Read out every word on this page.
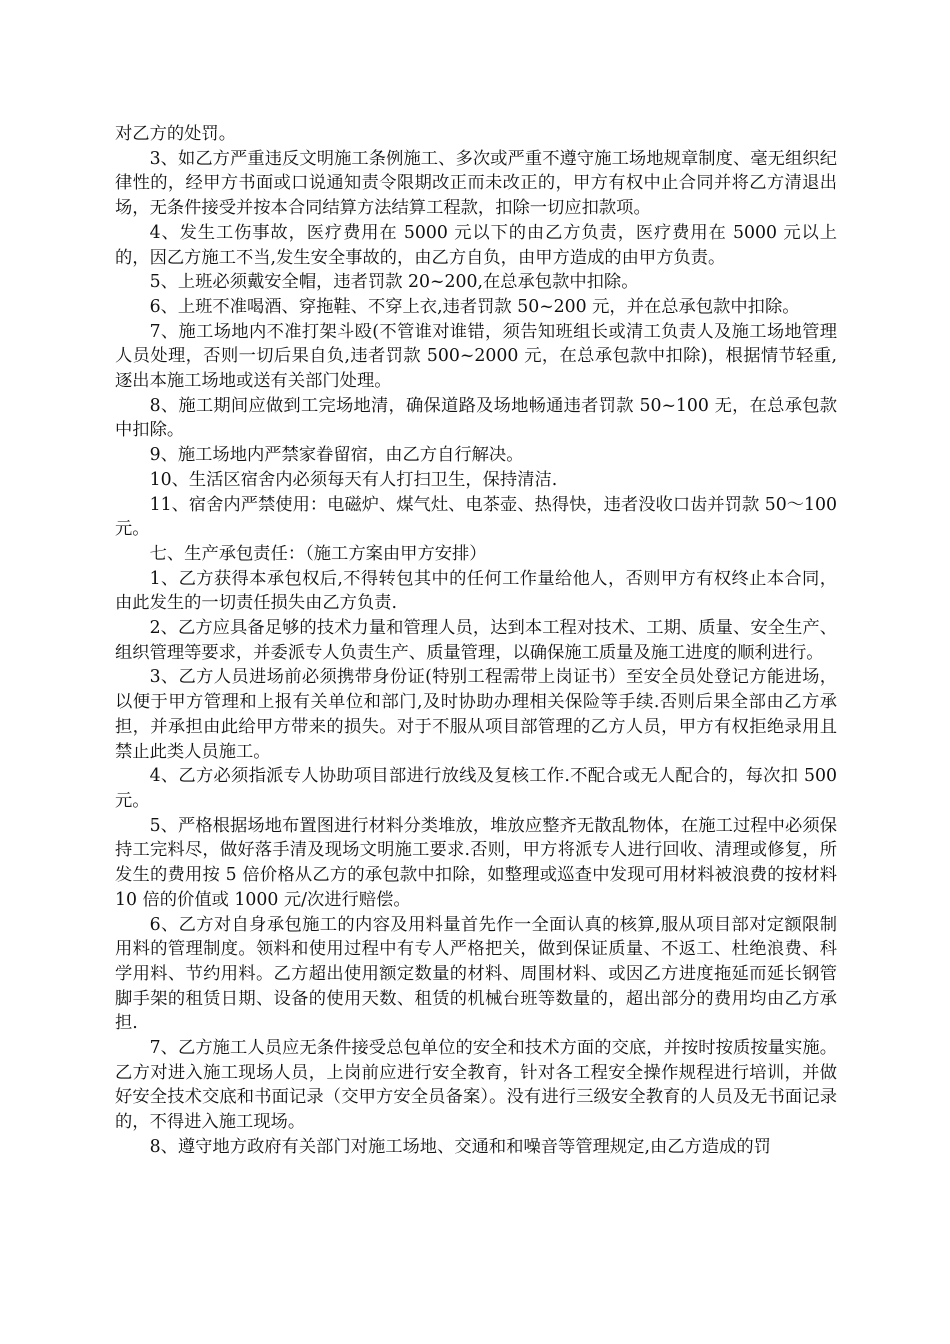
对乙方的处罚。

3、如乙方严重违反文明施工条例施工、多次或严重不遵守施工场地规章制度、毫无组织纪律性的，经甲方书面或口说通知责令限期改正而未改正的，甲方有权中止合同并将乙方清退出场，无条件接受并按本合同结算方法结算工程款，扣除一切应扣款项。

4、发生工伤事故，医疗费用在 5000 元以下的由乙方负责，医疗费用在 5000 元以上的，因乙方施工不当,发生安全事故的，由乙方自负，由甲方造成的由甲方负责。

5、上班必须戴安全帽，违者罚款 20~200,在总承包款中扣除。

6、上班不准喝酒、穿拖鞋、不穿上衣,违者罚款 50~200 元，并在总承包款中扣除。

7、施工场地内不准打架斗殴(不管谁对谁错，须告知班组长或清工负责人及施工场地管理人员处理，否则一切后果自负,违者罚款 500~2000 元，在总承包款中扣除)，根据情节轻重,逐出本施工场地或送有关部门处理。

8、施工期间应做到工完场地清，确保道路及场地畅通违者罚款 50~100 无，在总承包款中扣除。

9、施工场地内严禁家眷留宿，由乙方自行解决。

10、生活区宿舍内必须每天有人打扫卫生，保持清洁.

11、宿舍内严禁使用：电磁炉、煤气灶、电茶壶、热得快，违者没收口齿并罚款 50～100 元。

七、生产承包责任：（施工方案由甲方安排）

1、乙方获得本承包权后,不得转包其中的任何工作量给他人，否则甲方有权终止本合同，由此发生的一切责任损失由乙方负责.

2、乙方应具备足够的技术力量和管理人员，达到本工程对技术、工期、质量、安全生产、组织管理等要求，并委派专人负责生产、质量管理，以确保施工质量及施工进度的顺利进行。

3、乙方人员进场前必须携带身份证(特别工程需带上岗证书）至安全员处登记方能进场，以便于甲方管理和上报有关单位和部门,及时协助办理相关保险等手续.否则后果全部由乙方承担，并承担由此给甲方带来的损失。对于不服从项目部管理的乙方人员，甲方有权拒绝录用且禁止此类人员施工。

4、乙方必须指派专人协助项目部进行放线及复核工作.不配合或无人配合的，每次扣 500 元。

5、严格根据场地布置图进行材料分类堆放，堆放应整齐无散乱物体，在施工过程中必须保持工完料尽，做好落手清及现场文明施工要求.否则，甲方将派专人进行回收、清理或修复，所发生的费用按 5 倍价格从乙方的承包款中扣除，如整理或巡查中发现可用材料被浪费的按材料 10 倍的价值或 1000 元/次进行赔偿。

6、乙方对自身承包施工的内容及用料量首先作一全面认真的核算,服从项目部对定额限制用料的管理制度。领料和使用过程中有专人严格把关，做到保证质量、不返工、杜绝浪费、科学用料、节约用料。乙方超出使用额定数量的材料、周围材料、或因乙方进度拖延而延长钢管脚手架的租赁日期、设备的使用天数、租赁的机械台班等数量的，超出部分的费用均由乙方承担.

7、乙方施工人员应无条件接受总包单位的安全和技术方面的交底，并按时按质按量实施。乙方对进入施工现场人员，上岗前应进行安全教育，针对各工程安全操作规程进行培训，并做好安全技术交底和书面记录（交甲方安全员备案）。没有进行三级安全教育的人员及无书面记录的，不得进入施工现场。

8、遵守地方政府有关部门对施工场地、交通和和噪音等管理规定,由乙方造成的罚
